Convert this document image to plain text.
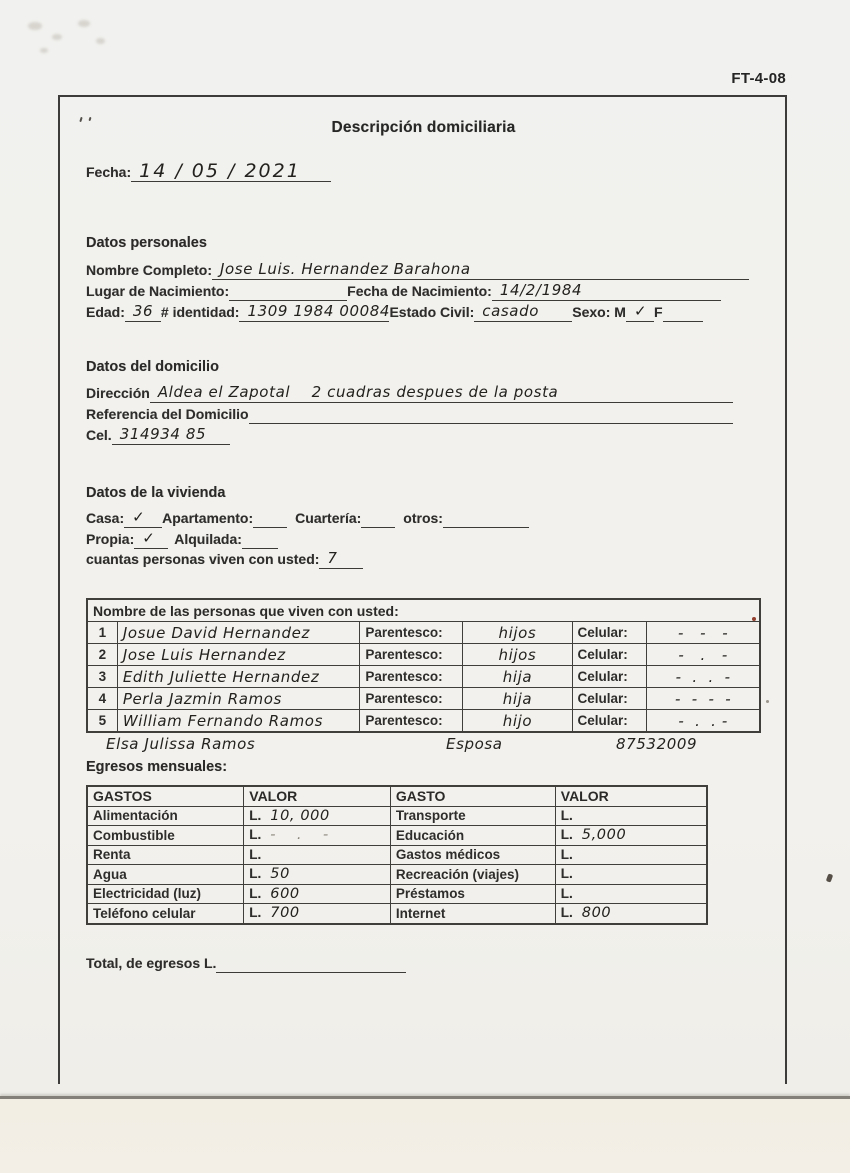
FT-4-08
Descripción domiciliaria
Fecha: 14 / 05 / 2021
Datos personales
Nombre Completo: Jose Luis. Hernandez Barahona
Lugar de Nacimiento:	Fecha de Nacimiento: 14/2/1984
Edad: 36 # identidad: 1309 1984 00084 Estado Civil: casado	Sexo: M ✓ F
Datos del domicilio
Dirección Aldea el Zapotal    2 cuadras despues de la posta
Referencia del Domicilio
Cel. 314934 85
Datos de la vivienda
Casa: ✓	Apartamento:	Cuartería:	otros:
Propia: ✓	Alquilada:
cuantas personas viven con usted: 7
Nombre de las personas que viven con usted:					
1	Josue David Hernandez	Parentesco:	hijos	Celular:	-   -   -
2	Jose Luis Hernandez	Parentesco:	hijos	Celular:	-   .   -
3	Edith Juliette Hernandez	Parentesco:	hija	Celular:	-  .  .  -
4	Perla Jazmin Ramos	Parentesco:	hija	Celular:	-  -  -  -
5	William Fernando Ramos	Parentesco:	hijo	Celular:	-  .  . -
Elsa Julissa Ramos	Esposa	87532009
Egresos mensuales:
GASTOS	VALOR	GASTO	VALOR
Alimentación	L. 10, 000	Transporte	L.
Combustible	L. -    .    -	Educación	L. 5,000
Renta	L.	Gastos médicos	L.
Agua	L. 50	Recreación (viajes)	L.
Electricidad (luz)	L. 600	Préstamos	L.
Teléfono celular	L. 700	Internet	L. 800
Total, de egresos L.
